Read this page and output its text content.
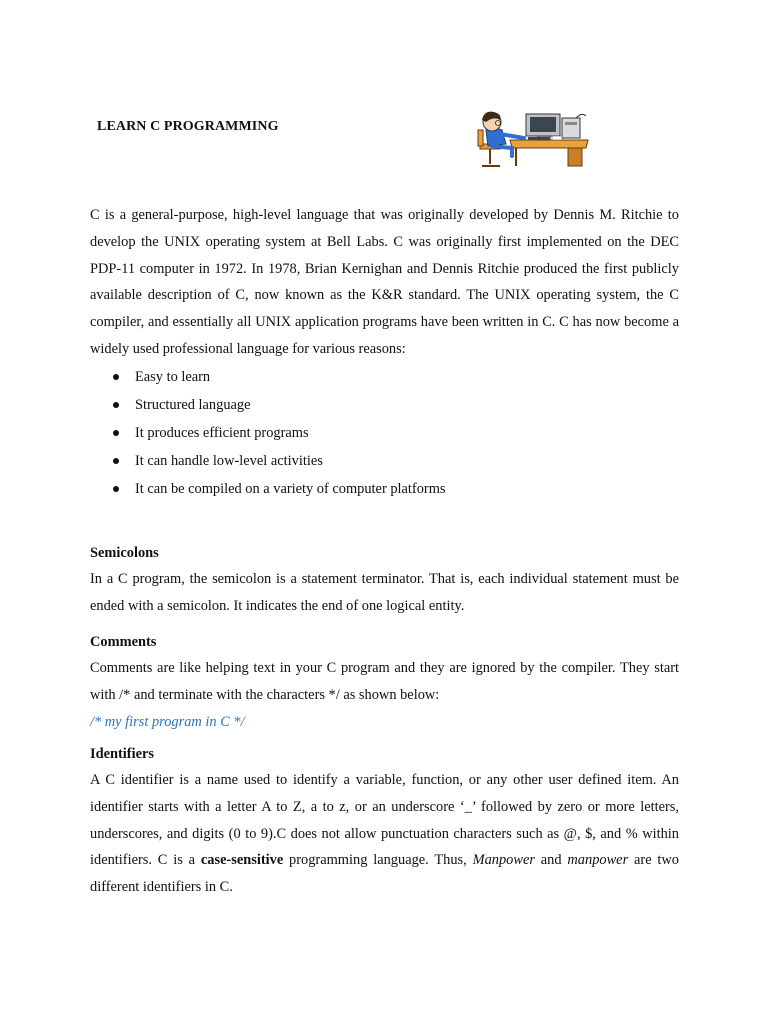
LEARN C PROGRAMMING

C is a general-purpose, high-level language that was originally developed by Dennis M. Ritchie to develop the UNIX operating system at Bell Labs. C was originally first implemented on the DEC PDP-11 computer in 1972. In 1978, Brian Kernighan and Dennis Ritchie produced the first publicly available description of C, now known as the K&R standard. The UNIX operating system, the C compiler, and essentially all UNIX application programs have been written in C. C has now become a widely used professional language for various reasons:

Easy to learn
Structured language
It produces efficient programs
It can handle low-level activities
It can be compiled on a variety of computer platforms
Semicolons

In a C program, the semicolon is a statement terminator. That is, each individual statement must be ended with a semicolon. It indicates the end of one logical entity.

Comments

Comments are like helping text in your C program and they are ignored by the compiler. They start with /* and terminate with the characters */ as shown below:

/* my first program in C */

Identifiers

A C identifier is a name used to identify a variable, function, or any other user defined item. An identifier starts with a letter A to Z, a to z, or an underscore ‘_’ followed by zero or more letters, underscores, and digits (0 to 9).C does not allow punctuation characters such as @, $, and % within identifiers. C is a case-sensitive programming language. Thus, Manpower and manpower are two different identifiers in C.
